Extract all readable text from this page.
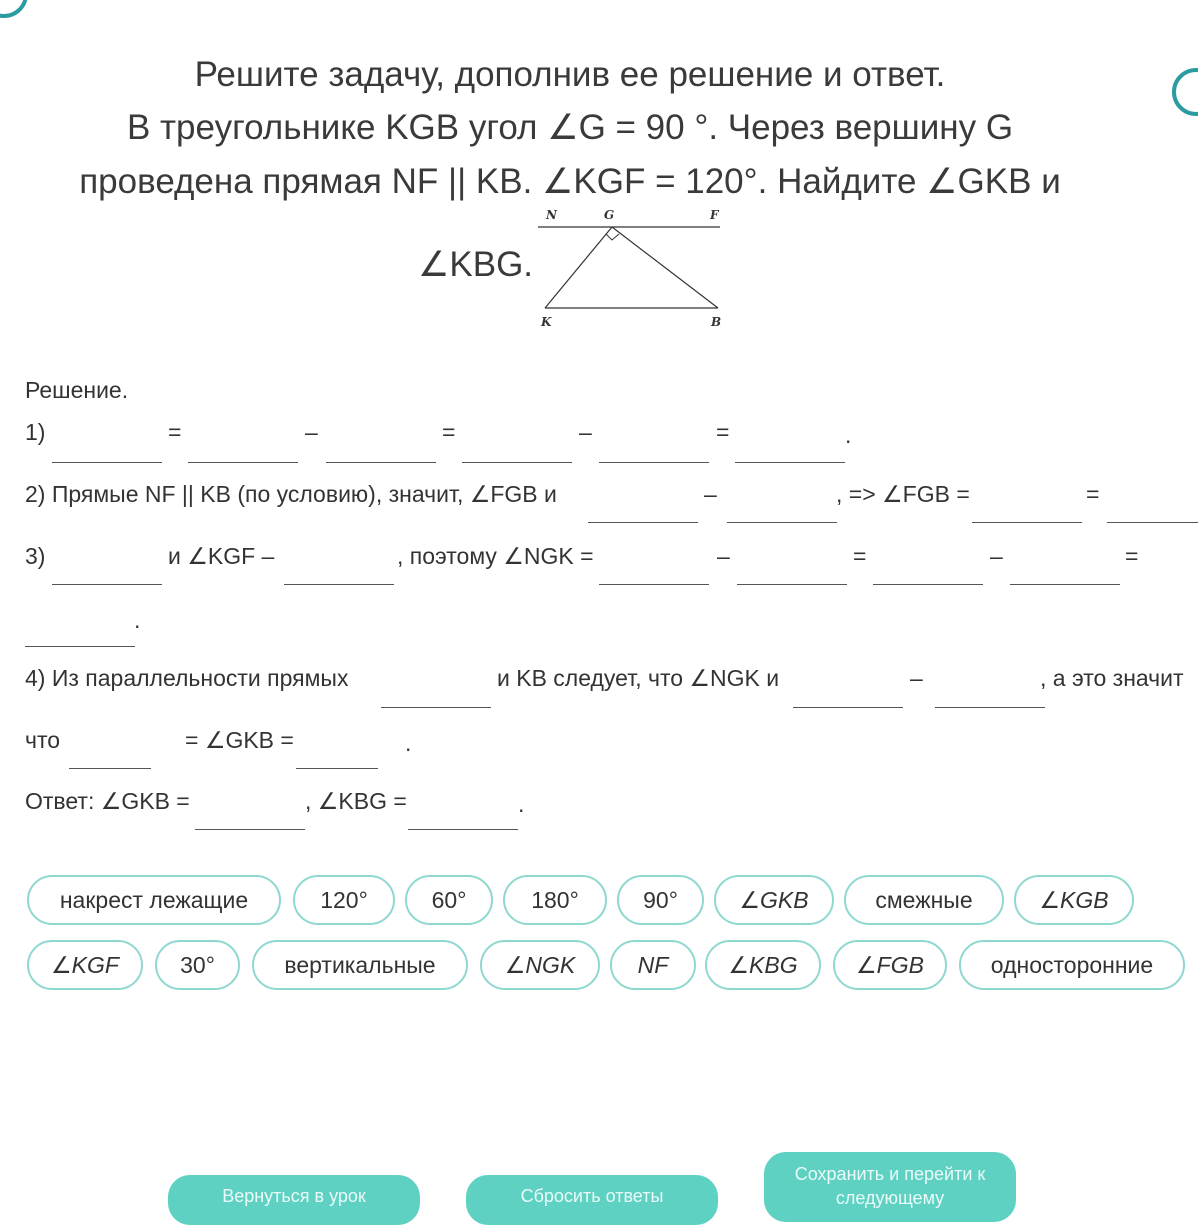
Решите задачу, дополнив ее решение и ответ.
В треугольнике KGB угол ∠G = 90 °. Через вершину G
проведена прямая NF || KB. ∠KGF = 120°. Найдите ∠GKB и
∠KBG.
N	G	F
K	B
Решение.
1)	=	–	=	–	=	.
2) Прямые NF || KB (по условию), значит, ∠FGB и	–	, => ∠FGB =	=
3)	и ∠KGF –	, поэтому ∠NGK =	–	=	–	=
.
4) Из параллельности прямых	и KB следует, что ∠NGK и	–	, а это значит
что	= ∠GKB =	.
Ответ: ∠GKB =	, ∠KBG =	.
накрест лежащие	120°	60°	180°	90°	∠GKB	смежные	∠KGB
∠KGF	30°	вертикальные	∠NGK	NF	∠KBG	∠FGB	односторонние
Вернуться в урок	Сбросить ответы
Сохранить и перейти к следующему
